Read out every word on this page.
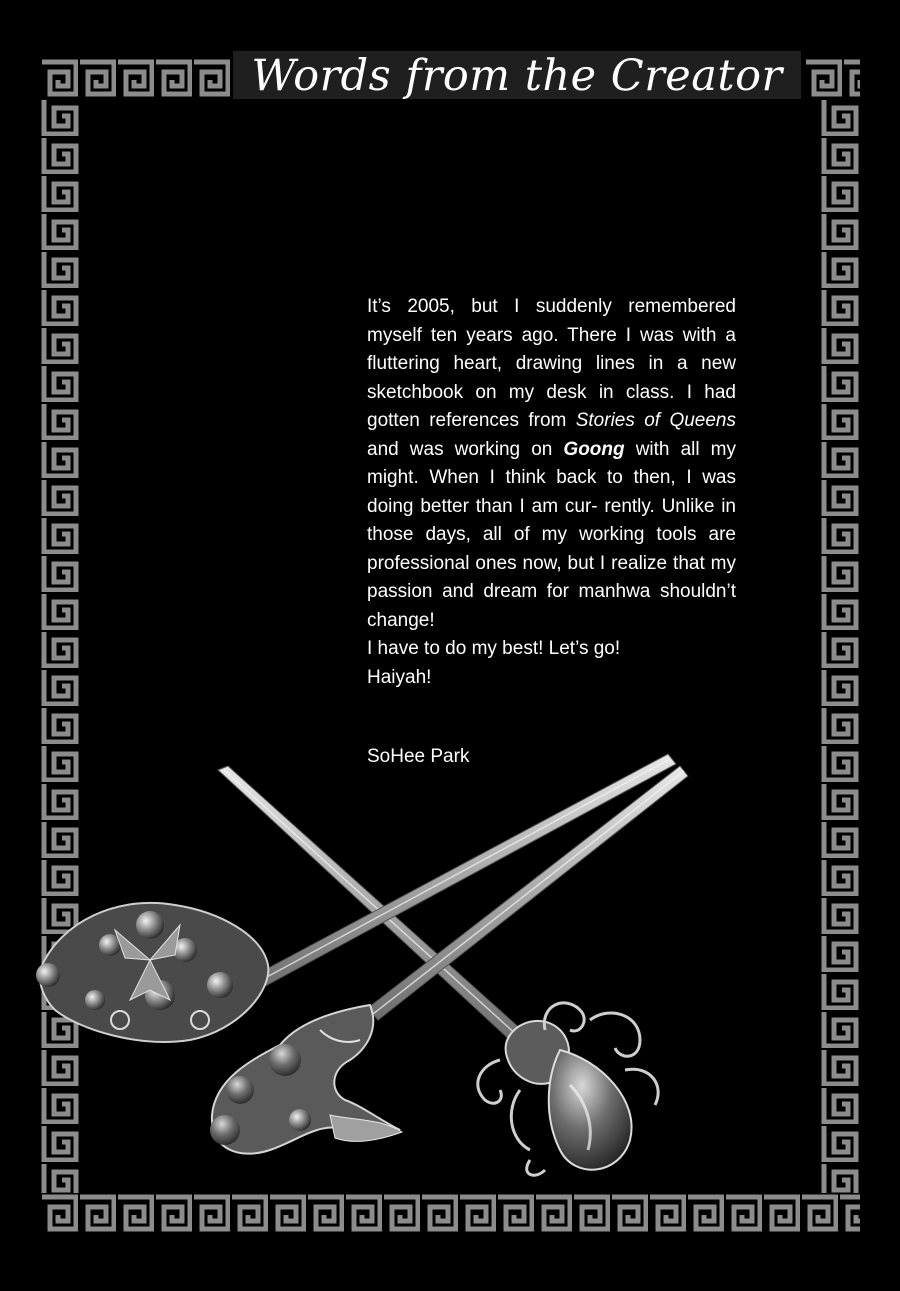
Words from the Creator

It’s 2005, but I suddenly remembered myself ten years ago. There I was with a fluttering heart, drawing lines in a new sketchbook on my desk in class. I had gotten references from Stories of Queens and was working on Goong with all my might. When I think back to then, I was doing better than I am cur- rently. Unlike in those days, all of my working tools are professional ones now, but I realize that my passion and dream for manhwa shouldn’t change!

I have to do my best! Let’s go!

Haiyah!

SoHee Park
